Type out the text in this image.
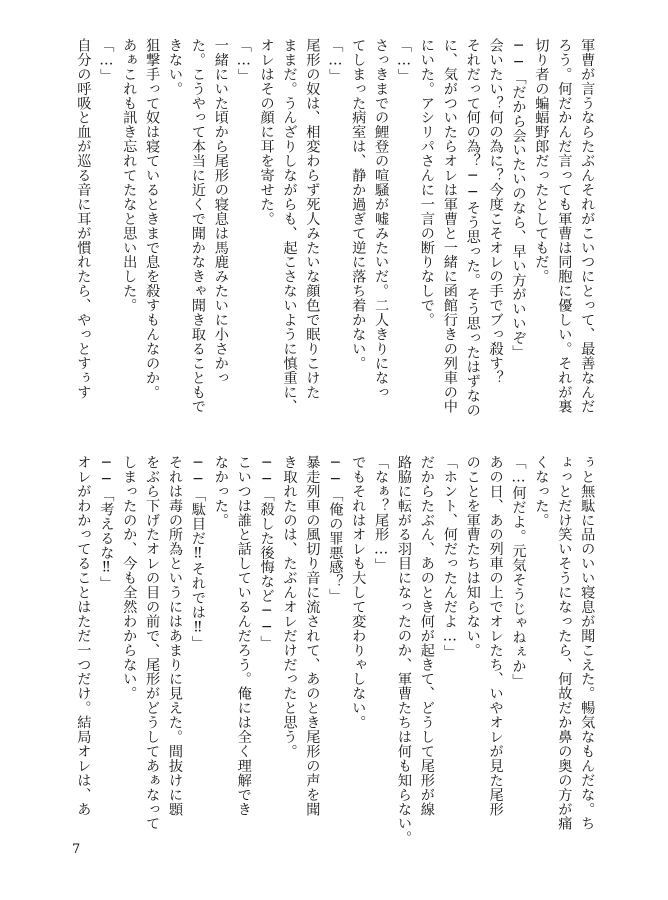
軍曹が言うならたぶんそれがこいつにとって、最善なんだ
ろう。何だかんだ言っても軍曹は同胞に優しい。それが裏
切り者の蝙蝠野郎だったとしてもだ。
──「だから会いたいのなら、早い方がいいぞ」
会いたい？何の為に？今度こそオレの手でブっ殺す？
それだって何の為？──そう思った。そう思ったはずなの
に、気がついたらオレは軍曹と一緒に函館行きの列車の中
にいた。アシリパさんに一言の断りなしで。
「…」
さっきまでの鯉登の喧騒が嘘みたいだ。二人きりになっ
てしまった病室は、静か過ぎて逆に落ち着かない。
「…」
尾形の奴は、相変わらず死人みたいな顔色で眠りこけた
ままだ。うんざりしながらも、起こさないように慎重に、
オレはその顔に耳を寄せた。
「…」
一緒にいた頃から尾形の寝息は馬鹿みたいに小さかっ
た。こうやって本当に近くで聞かなきゃ聞き取ることもで
きない。
狙撃手って奴は寝ているときまで息を殺すもんなのか。
あぁこれも訊き忘れてたなと思い出した。
「…」
自分の呼吸と血が巡る音に耳が慣れたら、やっとすぅす
ぅと無駄に品のいい寝息が聞こえた。暢気なもんだな。ち
ょっとだけ笑いそうになったら、何故だか鼻の奥の方が痛
くなった。
「…何だよ。元気そうじゃねぇか」
あの日、あの列車の上でオレたち、いやオレが見た尾形
のことを軍曹たちは知らない。
「ホント、何だったんだよ…」
だからたぶん、あのとき何が起きて、どうして尾形が線
路脇に転がる羽目になったのか、軍曹たちは何も知らない。
「なぁ？尾形…」
でもそれはオレも大して変わりゃしない。
──「俺の罪悪感？」
暴走列車の風切り音に流されて、あのとき尾形の声を聞
き取れたのは、たぶんオレだけだったと思う。
──「殺した後悔など──」
こいつは誰と話しているんだろう。俺には全く理解でき
なかった。
──「駄目だ‼それでは‼」
それは毒の所為というにはあまりに見えた。間抜けに顋
をぶら下げたオレの目の前で、尾形がどうしてあぁなって
しまったのか、今も全然わからない。
──「考えるな‼」
オレがわかってることはただ一つだけ。結局オレは、あ
7
